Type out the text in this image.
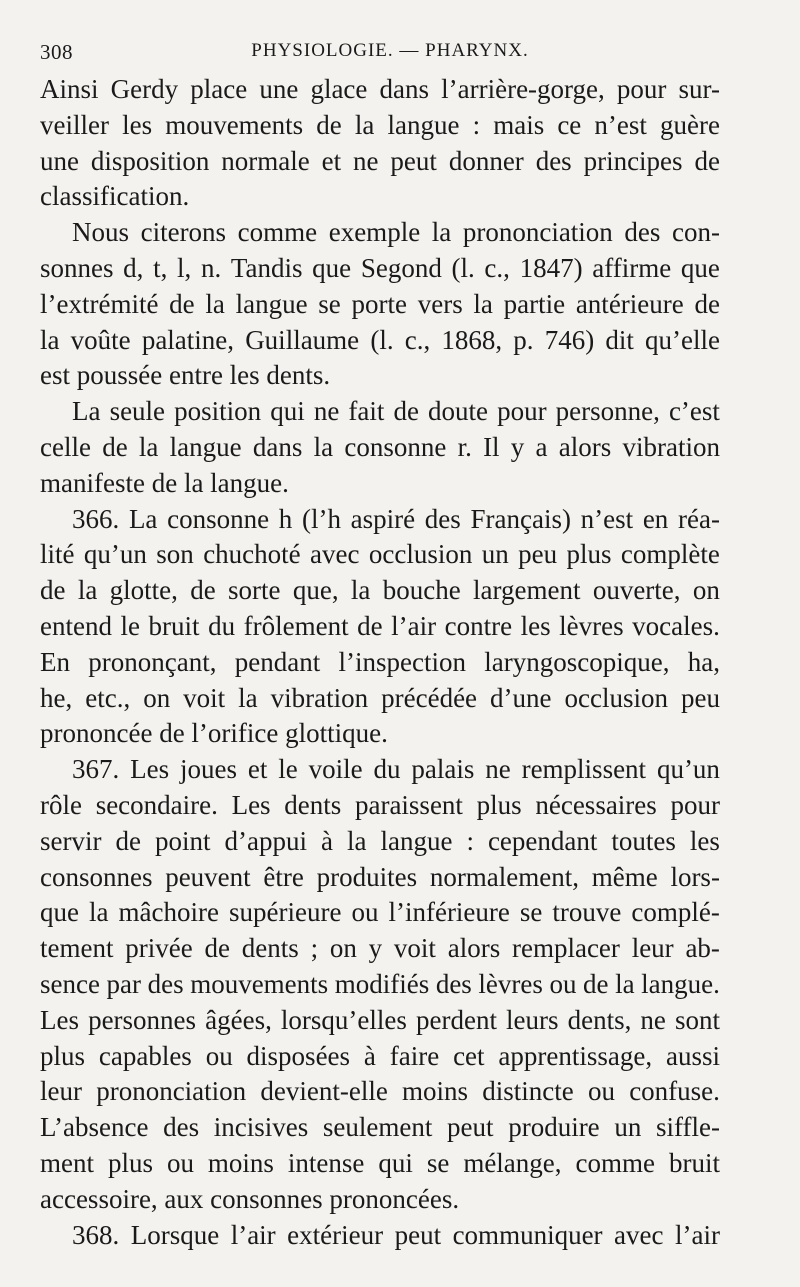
308	PHYSIOLOGIE. — PHARYNX.
Ainsi Gerdy place une glace dans l’arrière-gorge, pour sur-
veiller les mouvements de la langue : mais ce n’est guère
une disposition normale et ne peut donner des principes de
classification.
Nous citerons comme exemple la prononciation des con-
sonnes d, t, l, n. Tandis que Segond (l. c., 1847) affirme que
l’extrémité de la langue se porte vers la partie antérieure de
la voûte palatine, Guillaume (l. c., 1868, p. 746) dit qu’elle
est poussée entre les dents.
La seule position qui ne fait de doute pour personne, c’est
celle de la langue dans la consonne r. Il y a alors vibration
manifeste de la langue.
366. La consonne h (l’h aspiré des Français) n’est en réa-
lité qu’un son chuchoté avec occlusion un peu plus complète
de la glotte, de sorte que, la bouche largement ouverte, on
entend le bruit du frôlement de l’air contre les lèvres vocales.
En prononçant, pendant l’inspection laryngoscopique, ha,
he, etc., on voit la vibration précédée d’une occlusion peu
prononcée de l’orifice glottique.
367. Les joues et le voile du palais ne remplissent qu’un
rôle secondaire. Les dents paraissent plus nécessaires pour
servir de point d’appui à la langue : cependant toutes les
consonnes peuvent être produites normalement, même lors-
que la mâchoire supérieure ou l’inférieure se trouve complé-
tement privée de dents ; on y voit alors remplacer leur ab-
sence par des mouvements modifiés des lèvres ou de la langue.
Les personnes âgées, lorsqu’elles perdent leurs dents, ne sont
plus capables ou disposées à faire cet apprentissage, aussi
leur prononciation devient-elle moins distincte ou confuse.
L’absence des incisives seulement peut produire un siffle-
ment plus ou moins intense qui se mélange, comme bruit
accessoire, aux consonnes prononcées.
368. Lorsque l’air extérieur peut communiquer avec l’air
